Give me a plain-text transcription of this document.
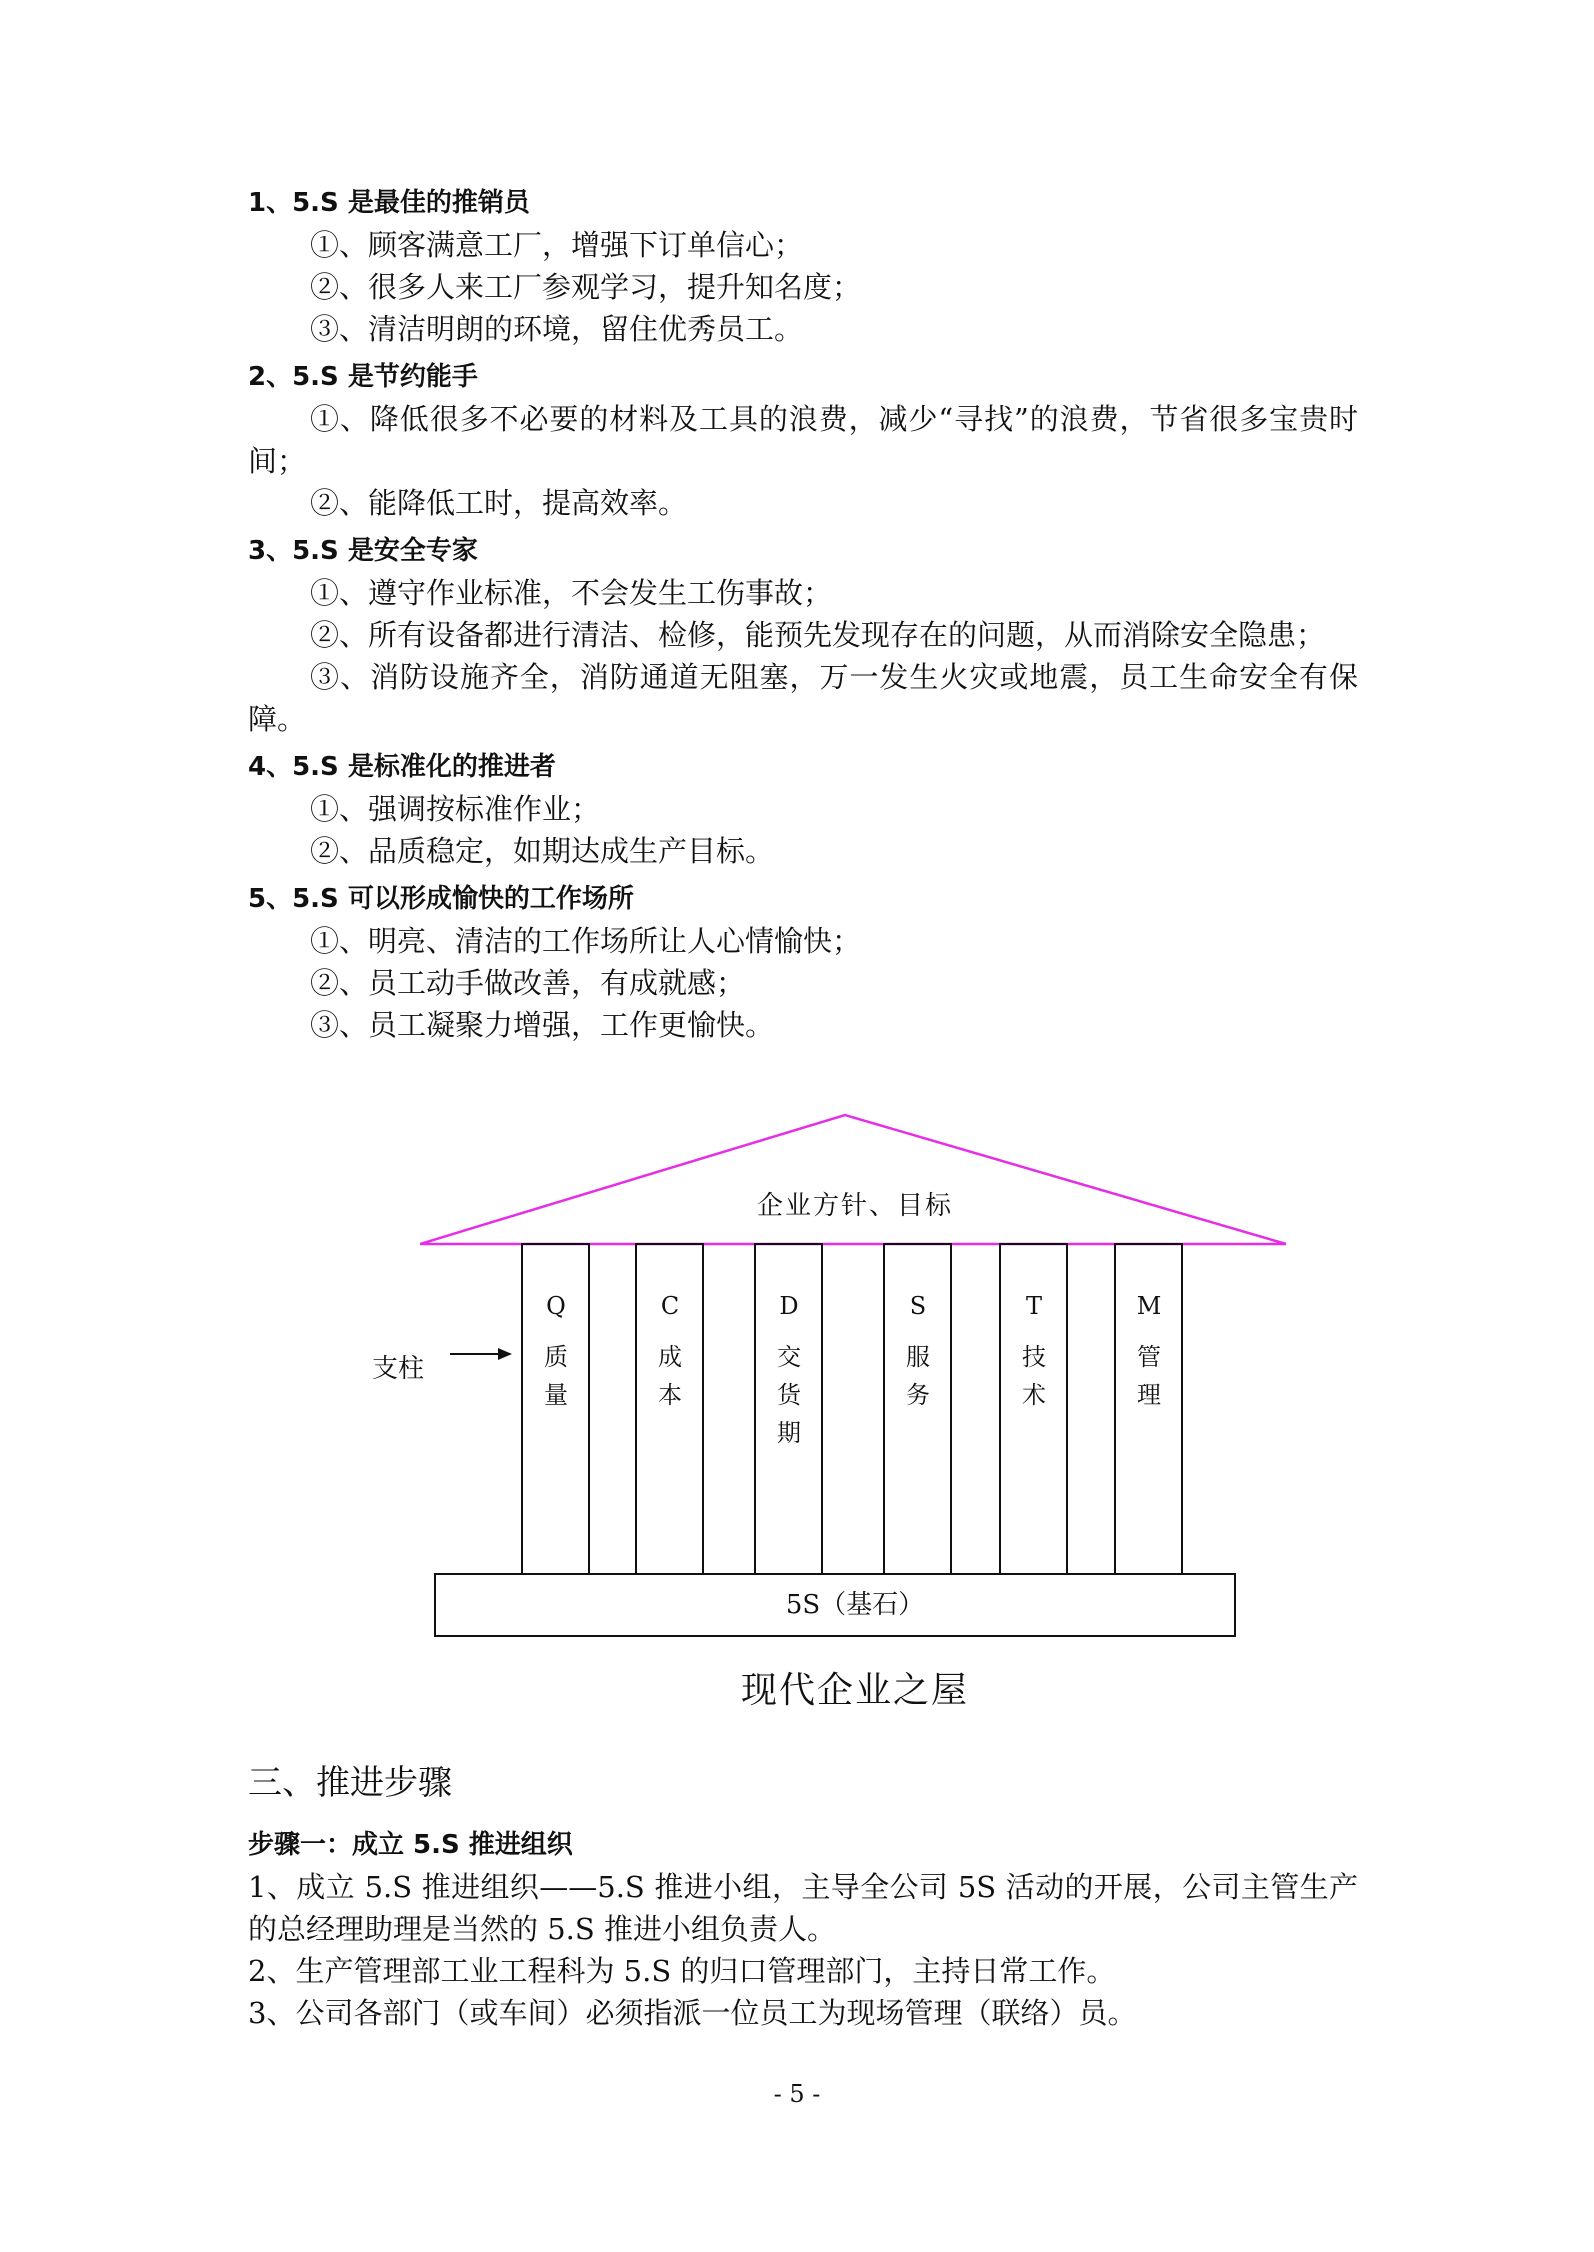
1、5.S 是最佳的推销员
①、顾客满意工厂，增强下订单信心；
②、很多人来工厂参观学习，提升知名度；
③、清洁明朗的环境，留住优秀员工。
2、5.S 是节约能手
①、降低很多不必要的材料及工具的浪费，减少“寻找”的浪费，节省很多宝贵时间；
②、能降低工时，提高效率。
3、5.S 是安全专家
①、遵守作业标准，不会发生工伤事故；
②、所有设备都进行清洁、检修，能预先发现存在的问题，从而消除安全隐患；
③、消防设施齐全，消防通道无阻塞，万一发生火灾或地震，员工生命安全有保障。
4、5.S 是标准化的推进者
①、强调按标准作业；
②、品质稳定，如期达成生产目标。
5、5.S 可以形成愉快的工作场所
①、明亮、清洁的工作场所让人心情愉快；
②、员工动手做改善，有成就感；
③、员工凝聚力增强，工作更愉快。
企业方针、目标
支柱
Q
质
量
C
成
本
D
交
货
期
S
服
务
T
技
术
M
管
理
5S（基石）
现代企业之屋
三、推进步骤
步骤一：成立 5.S 推进组织
1、成立 5.S 推进组织——5.S 推进小组，主导全公司 5S 活动的开展，公司主管生产的总经理助理是当然的 5.S 推进小组负责人。
2、生产管理部工业工程科为 5.S 的归口管理部门，主持日常工作。
3、公司各部门（或车间）必须指派一位员工为现场管理（联络）员。
- 5 -
